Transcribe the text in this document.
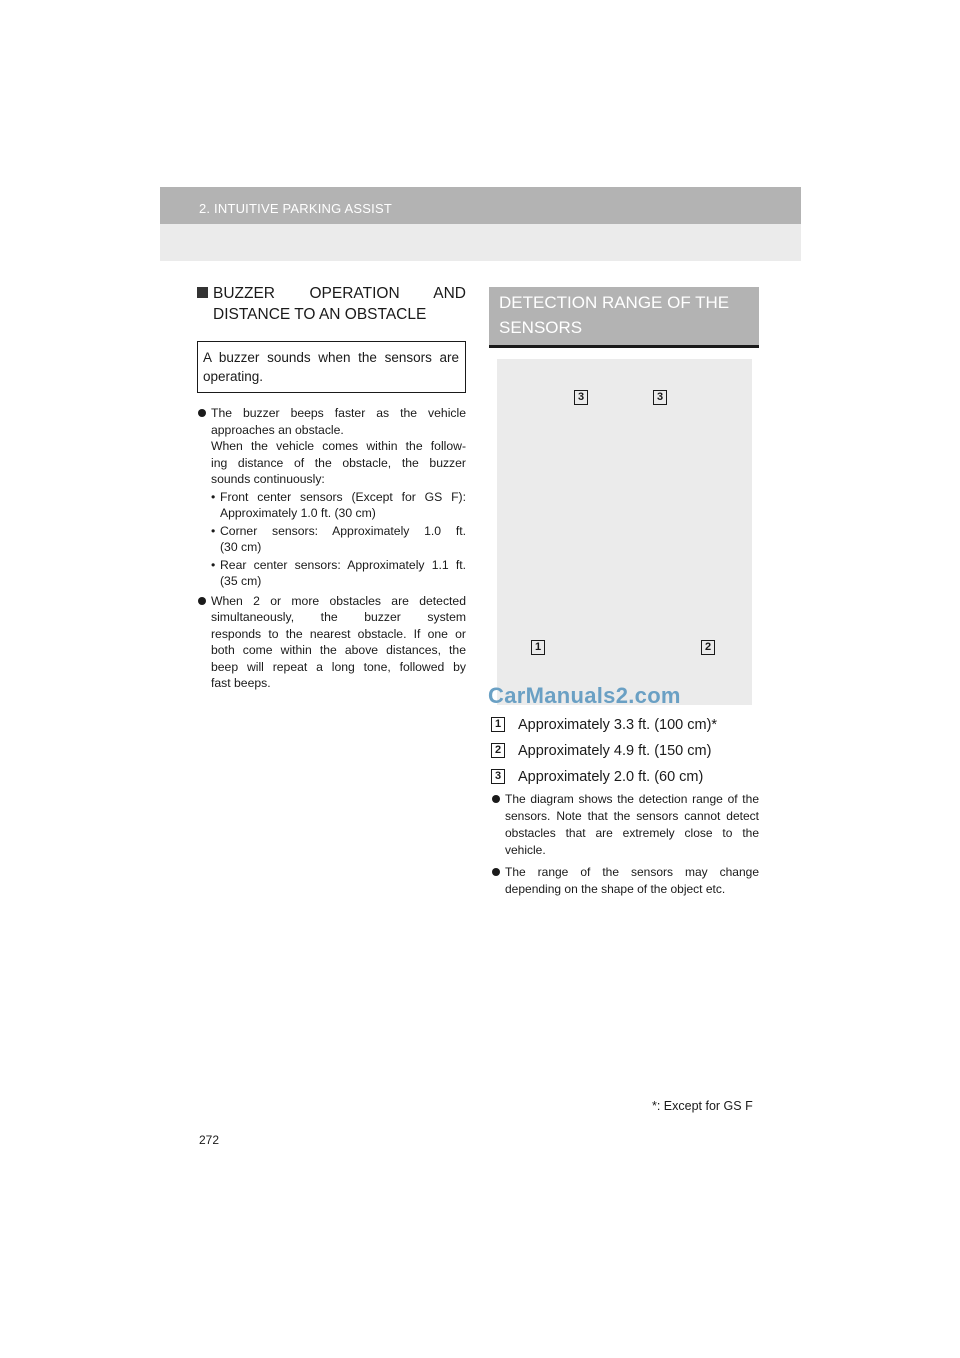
2. INTUITIVE PARKING ASSIST
BUZZER OPERATION AND
DISTANCE TO AN OBSTACLE
A buzzer sounds when the sensors are operating.
The buzzer beeps faster as the vehicle
approaches an obstacle.
When the vehicle comes within the follow-
ing distance of the obstacle, the buzzer
sounds continuously:
• Front center sensors (Except for GS F):
Approximately 1.0 ft. (30 cm)
• Corner sensors: Approximately 1.0 ft.
(30 cm)
• Rear center sensors: Approximately 1.1 ft.
(35 cm)
When 2 or more obstacles are detected
simultaneously, the buzzer system
responds to the nearest obstacle. If one or
both come within the above distances, the
beep will repeat a long tone, followed by
fast beeps.
DETECTION RANGE OF THE
SENSORS
3	3
1	2
CarManuals2.com
1 Approximately 3.3 ft. (100 cm)*
2 Approximately 4.9 ft. (150 cm)
3 Approximately 2.0 ft. (60 cm)
The diagram shows the detection range of the sensors. Note that the sensors cannot detect obstacles that are extremely close to the vehicle.
The range of the sensors may change depending on the shape of the object etc.
*: Except for GS F
272
